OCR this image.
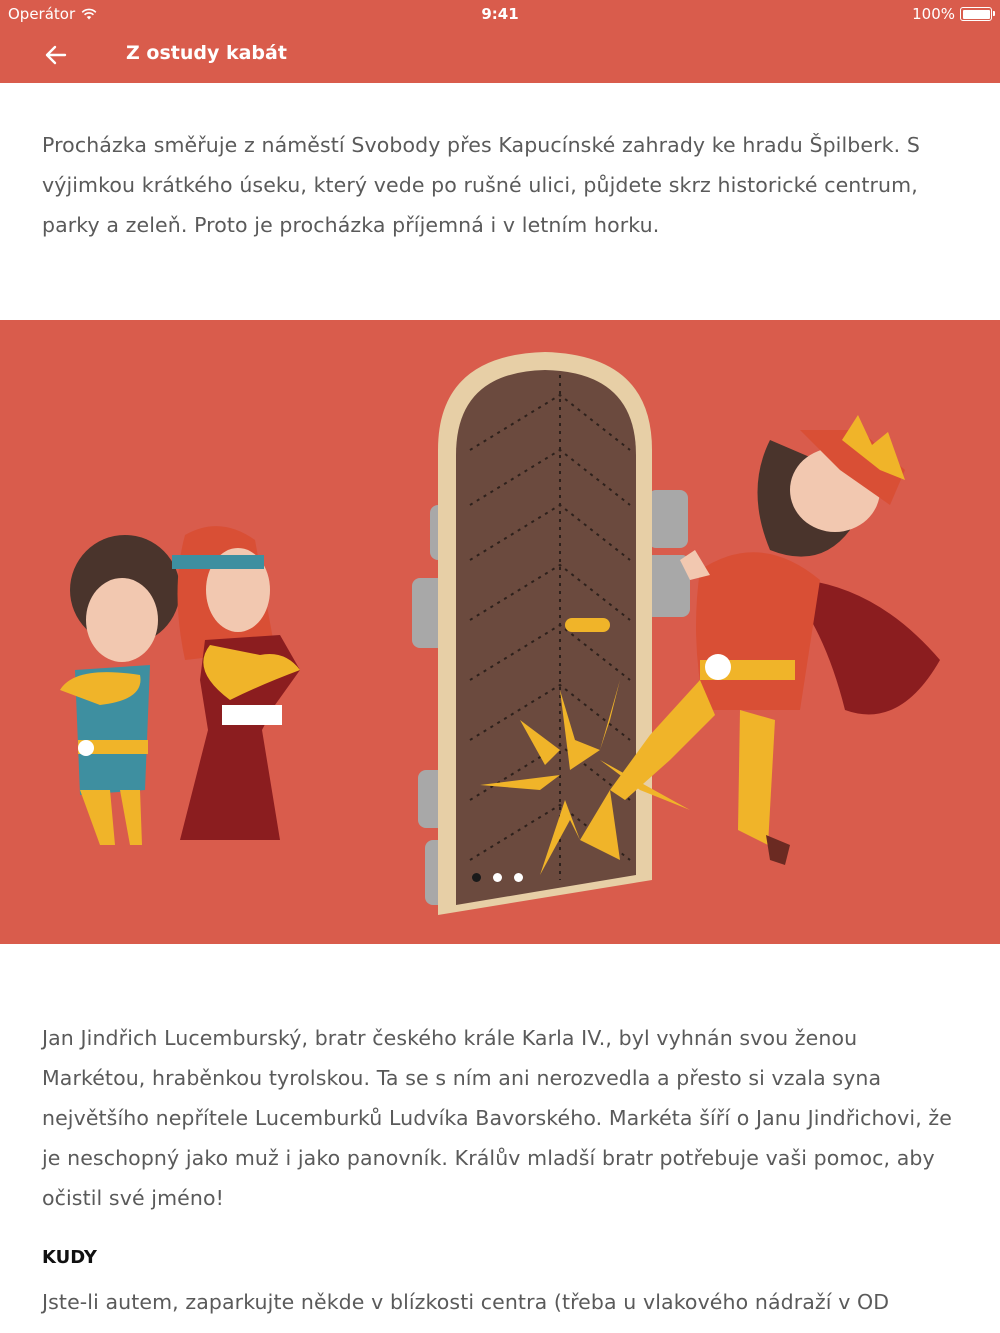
Operátor	9:41	100%
Z ostudy kabát

Procházka směřuje z náměstí Svobody přes Kapucínské zahrady ke hradu Špilberk. S výjimkou krátkého úseku, který vede po rušné ulici, půjdete skrz historické centrum, parky a zeleň. Proto je procházka příjemná i v letním horku.

Jan Jindřich Lucemburský, bratr českého krále Karla IV., byl vyhnán svou ženou Markétou, hraběnkou tyrolskou. Ta se s ním ani nerozvedla a přesto si vzala syna největšího nepřítele Lucemburků Ludvíka Bavorského. Markéta šíří o Janu Jindřichovi, že je neschopný jako muž i jako panovník. Králův mladší bratr potřebuje vaši pomoc, aby očistil své jméno!

KUDY

Jste-li autem, zaparkujte někde v blízkosti centra (třeba u vlakového nádraží v OD
